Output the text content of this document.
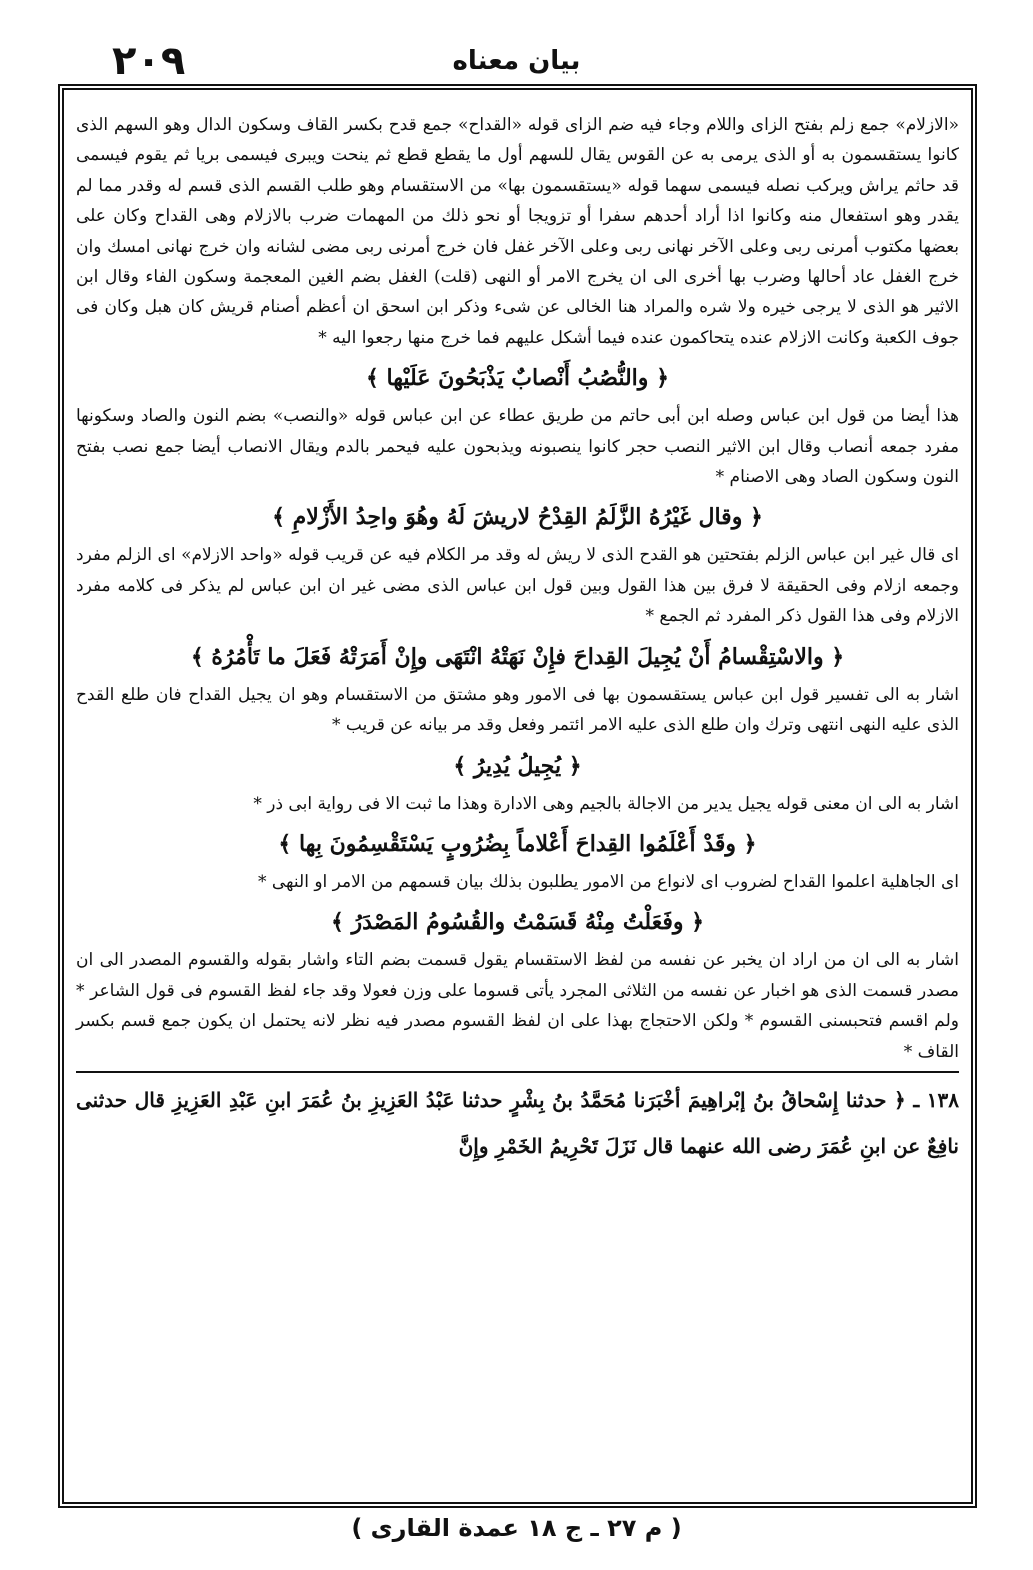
٢٠٩	بيان معناه

«الازلام» جمع زلم بفتح الزاى واللام وجاء فيه ضم الزاى قوله «القداح» جمع قدح بكسر القاف وسكون الدال وهو السهم الذى كانوا يستقسمون به أو الذى يرمى به عن القوس يقال للسهم أول ما يقطع قطع ثم ينحت ويبرى فيسمى بريا ثم يقوم فيسمى قد حاثم يراش ويركب نصله فيسمى سهما قوله «يستقسمون بها» من الاستقسام وهو طلب القسم الذى قسم له وقدر مما لم يقدر وهو استفعال منه وكانوا اذا أراد أحدهم سفرا أو تزويجا أو نحو ذلك من المهمات ضرب بالازلام وهى القداح وكان على بعضها مكتوب أمرنى ربى وعلى الآخر نهانى ربى وعلى الآخر غفل فان خرج أمرنى ربى مضى لشانه وان خرج نهانى امسك وان خرج الغفل عاد أحالها وضرب بها أخرى الى ان يخرج الامر أو النهى (قلت) الغفل بضم الغين المعجمة وسكون الفاء وقال ابن الاثير هو الذى لا يرجى خيره ولا شره والمراد هنا الخالى عن شىء وذكر ابن اسحق ان أعظم أصنام قريش كان هبل وكان فى جوف الكعبة وكانت الازلام عنده يتحاكمون عنده فيما أشكل عليهم فما خرج منها رجعوا اليه *

﴿ والنُّصُبُ أَنْصابٌ يَذْبَحُونَ عَلَيْها ﴾

هذا أيضا من قول ابن عباس وصله ابن أبى حاتم من طريق عطاء عن ابن عباس قوله «والنصب» بضم النون والصاد وسكونها مفرد جمعه أنصاب وقال ابن الاثير النصب حجر كانوا ينصبونه ويذبحون عليه فيحمر بالدم ويقال الانصاب أيضا جمع نصب بفتح النون وسكون الصاد وهى الاصنام *

﴿ وقال غَيْرُهُ الزَّلَمُ القِدْحُ لاريشَ لَهُ وهُوَ واحِدُ الأَزْلامِ ﴾

اى قال غير ابن عباس الزلم بفتحتين هو القدح الذى لا ريش له وقد مر الكلام فيه عن قريب قوله «واحد الازلام» اى الزلم مفرد وجمعه ازلام وفى الحقيقة لا فرق بين هذا القول وبين قول ابن عباس الذى مضى غير ان ابن عباس لم يذكر فى كلامه مفرد الازلام وفى هذا القول ذكر المفرد ثم الجمع *

﴿ والاسْتِقْسامُ أَنْ يُجِيلَ القِداحَ فإِنْ نَهَتْهُ انْتَهَى وإِنْ أَمَرَتْهُ فَعَلَ ما تَأْمُرُهُ ﴾

اشار به الى تفسير قول ابن عباس يستقسمون بها فى الامور وهو مشتق من الاستقسام وهو ان يجيل القداح فان طلع القدح الذى عليه النهى انتهى وترك وان طلع الذى عليه الامر ائتمر وفعل وقد مر بيانه عن قريب *

﴿ يُجِيلُ يُدِيرُ ﴾

اشار به الى ان معنى قوله يجيل يدير من الاجالة بالجيم وهى الادارة وهذا ما ثبت الا فى رواية ابى ذر *

﴿ وقَدْ أَعْلَمُوا القِداحَ أَعْلاماً بِضُرُوبٍ يَسْتَقْسِمُونَ بِها ﴾

اى الجاهلية اعلموا القداح لضروب اى لانواع من الامور يطلبون بذلك بيان قسمهم من الامر او النهى *

﴿ وفَعَلْتُ مِنْهُ قَسَمْتُ والقُسُومُ المَصْدَرُ ﴾

اشار به الى ان من اراد ان يخبر عن نفسه من لفظ الاستقسام يقول قسمت بضم التاء واشار بقوله والقسوم المصدر الى ان مصدر قسمت الذى هو اخبار عن نفسه من الثلاثى المجرد يأتى قسوما على وزن فعولا وقد جاء لفظ القسوم فى قول الشاعر * ولم اقسم فتحبسنى القسوم * ولكن الاحتجاج بهذا على ان لفظ القسوم مصدر فيه نظر لانه يحتمل ان يكون جمع قسم بكسر القاف *

١٣٨ ـ ﴿ حدثنا إِسْحاقُ بنُ إبْراهِيمَ أخْبَرَنا مُحَمَّدُ بنُ بِشْرٍ حدثنا عَبْدُ العَزِيزِ بنُ عُمَرَ ابنِ عَبْدِ العَزِيزِ قال حدثنى نافِعٌ عن ابنِ عُمَرَ رضى الله عنهما قال نَزَلَ تَحْرِيمُ الخَمْرِ وإِنَّ

( م ٢٧ ـ ج ١٨ عمدة القارى )
